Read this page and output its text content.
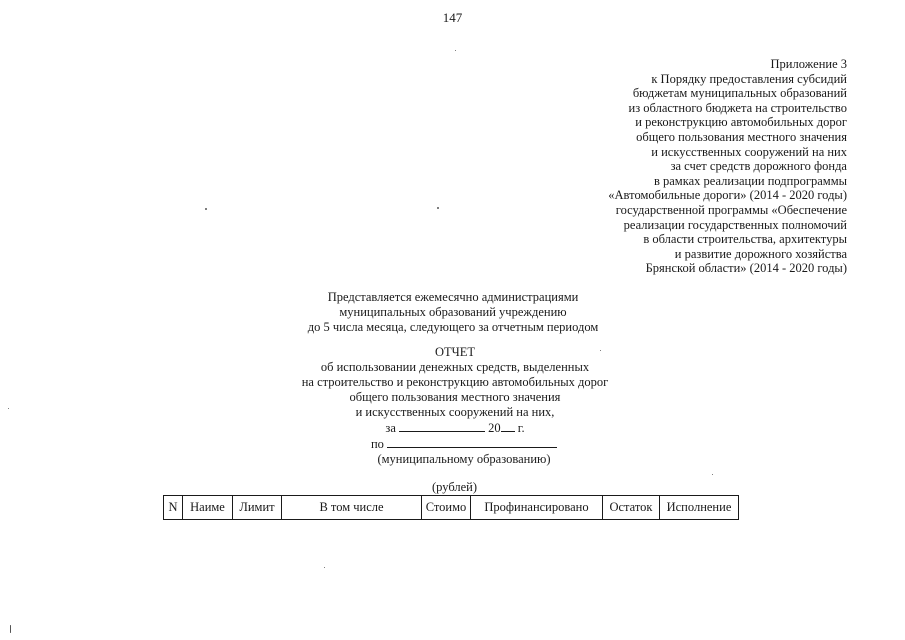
147
Приложение 3
к Порядку предоставления субсидий
бюджетам муниципальных образований
из областного бюджета на строительство
и реконструкцию автомобильных дорог
общего пользования местного значения
и искусственных сооружений на них
за счет средств дорожного фонда
в рамках реализации подпрограммы
«Автомобильные дороги» (2014 - 2020 годы)
государственной программы «Обеспечение
реализации государственных полномочий
в области строительства, архитектуры
и развитие дорожного хозяйства
Брянской области» (2014 - 2020 годы)
Представляется ежемесячно администрациями
муниципальных образований учреждению
до 5 числа месяца, следующего за отчетным периодом
ОТЧЕТ
об использовании денежных средств, выделенных
на строительство и реконструкцию автомобильных дорог
общего пользования местного значения
и искусственных сооружений на них,
за	20 г.
по
(муниципальному образованию)
(рублей)
N	Наиме	Лимит	В том числе	Стоимо	Профинансировано	Остаток	Исполнение
